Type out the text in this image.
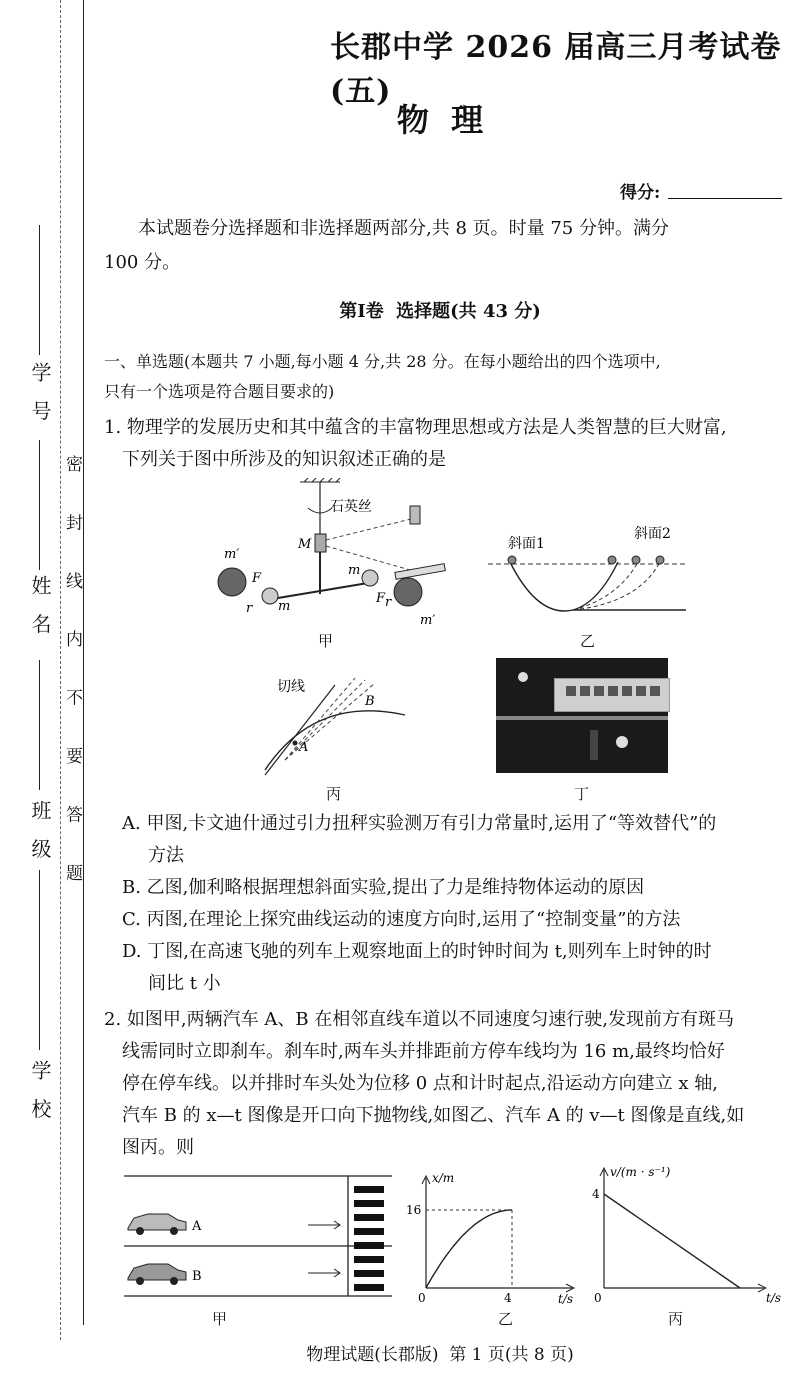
学 号
姓 名
班 级
学 校
密 封 线 内 不 要 答 题
长郡中学 2026 届高三月考试卷(五)
物  理
得分:
本试题卷分选择题和非选择题两部分,共 8 页。时量 75 分钟。满分
100 分。
第Ⅰ卷  选择题(共 43 分)
一、单选题(本题共 7 小题,每小题 4 分,共 28 分。在每小题给出的四个选项中,
只有一个选项是符合题目要求的)
1. 物理学的发展历史和其中蕴含的丰富物理思想或方法是人类智慧的巨大财富,
下列关于图中所涉及的知识叙述正确的是
石英丝
M
m′
m′
F
F
m
m
r	r
甲
斜面1
斜面2
乙
A
B
切线
丙	丁
A. 甲图,卡文迪什通过引力扭秤实验测万有引力常量时,运用了“等效替代”的
方法
B. 乙图,伽利略根据理想斜面实验,提出了力是维持物体运动的原因
C. 丙图,在理论上探究曲线运动的速度方向时,运用了“控制变量”的方法
D. 丁图,在高速飞驰的列车上观察地面上的时钟时间为 t,则列车上时钟的时
间比 t 小
2. 如图甲,两辆汽车 A、B 在相邻直线车道以不同速度匀速行驶,发现前方有斑马
线需同时立即刹车。刹车时,两车头并排距前方停车线均为 16 m,最终均恰好
停在停车线。以并排时车头处为位移 0 点和计时起点,沿运动方向建立 x 轴,
汽车 B 的 x—t 图像是开口向下抛物线,如图乙、汽车 A 的 v—t 图像是直线,如
图丙。则
A
B
甲
x/m
t/s
0
16
4
乙
v/(m · s⁻¹)
t/s
0
4
丙
物理试题(长郡版)  第 1 页(共 8 页)
